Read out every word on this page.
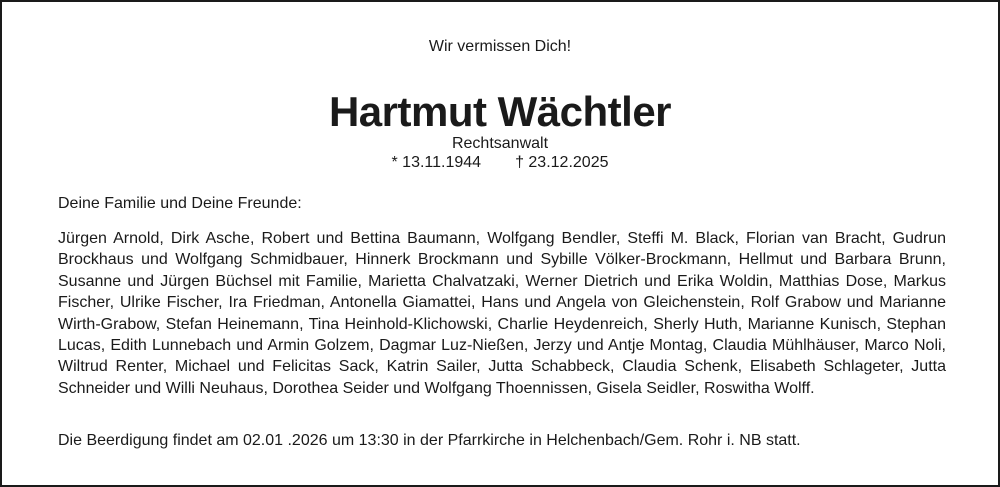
Wir vermissen Dich!
Hartmut Wächtler
Rechtsanwalt
* 13.11.1944 † 23.12.2025
Deine Familie und Deine Freunde:
Jürgen Arnold, Dirk Asche, Robert und Bettina Baumann, Wolfgang Bendler, Steffi M. Black, Florian van Bracht, Gudrun Brockhaus und Wolfgang Schmidbauer, Hinnerk Brockmann und Sybille Völker-Brockmann, Hellmut und Barbara Brunn, Susanne und Jürgen Büchsel mit Familie, Marietta Chalvatzaki, Werner Dietrich und Erika Woldin, Matthias Dose, Markus Fischer, Ulrike Fischer, Ira Friedman, Antonella Giamattei, Hans und Angela von Gleichenstein, Rolf Grabow und Marianne Wirth-Grabow, Stefan Heinemann, Tina Heinhold-Klichowski, Charlie Heydenreich, Sherly Huth, Marianne Kunisch, Stephan Lucas, Edith Lunnebach und Armin Golzem, Dagmar Luz-Nießen, Jerzy und Antje Montag, Claudia Mühlhäuser, Marco Noli, Wiltrud Renter, Michael und Felicitas Sack, Katrin Sailer, Jutta Schabbeck, Claudia Schenk, Elisabeth Schlageter, Jutta Schneider und Willi Neuhaus, Dorothea Seider und Wolfgang Thoennissen, Gisela Seidler, Roswitha Wolff.
Die Beerdigung findet am 02.01 .2026 um 13:30 in der Pfarrkirche in Helchenbach/Gem. Rohr i. NB statt.
